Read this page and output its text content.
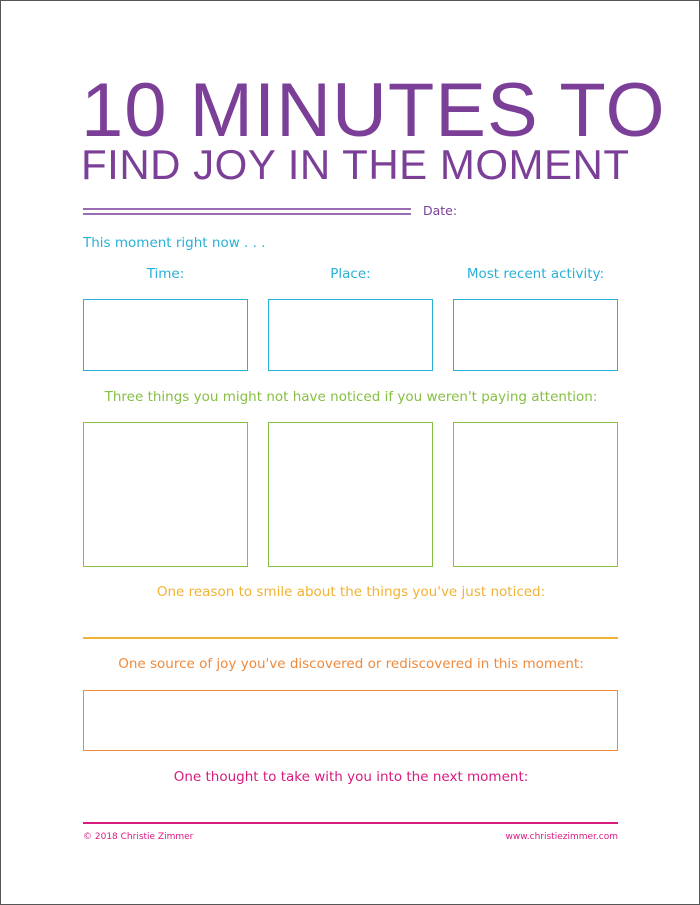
10 MINUTES TO
FIND JOY IN THE MOMENT
Date:
This moment right now . . .
Time:	Place:	Most recent activity:
Three things you might not have noticed if you weren't paying attention:
One reason to smile about the things you've just noticed:
One source of joy you've discovered or rediscovered in this moment:
One thought to take with you into the next moment:
© 2018 Christie Zimmer	www.christiezimmer.com
